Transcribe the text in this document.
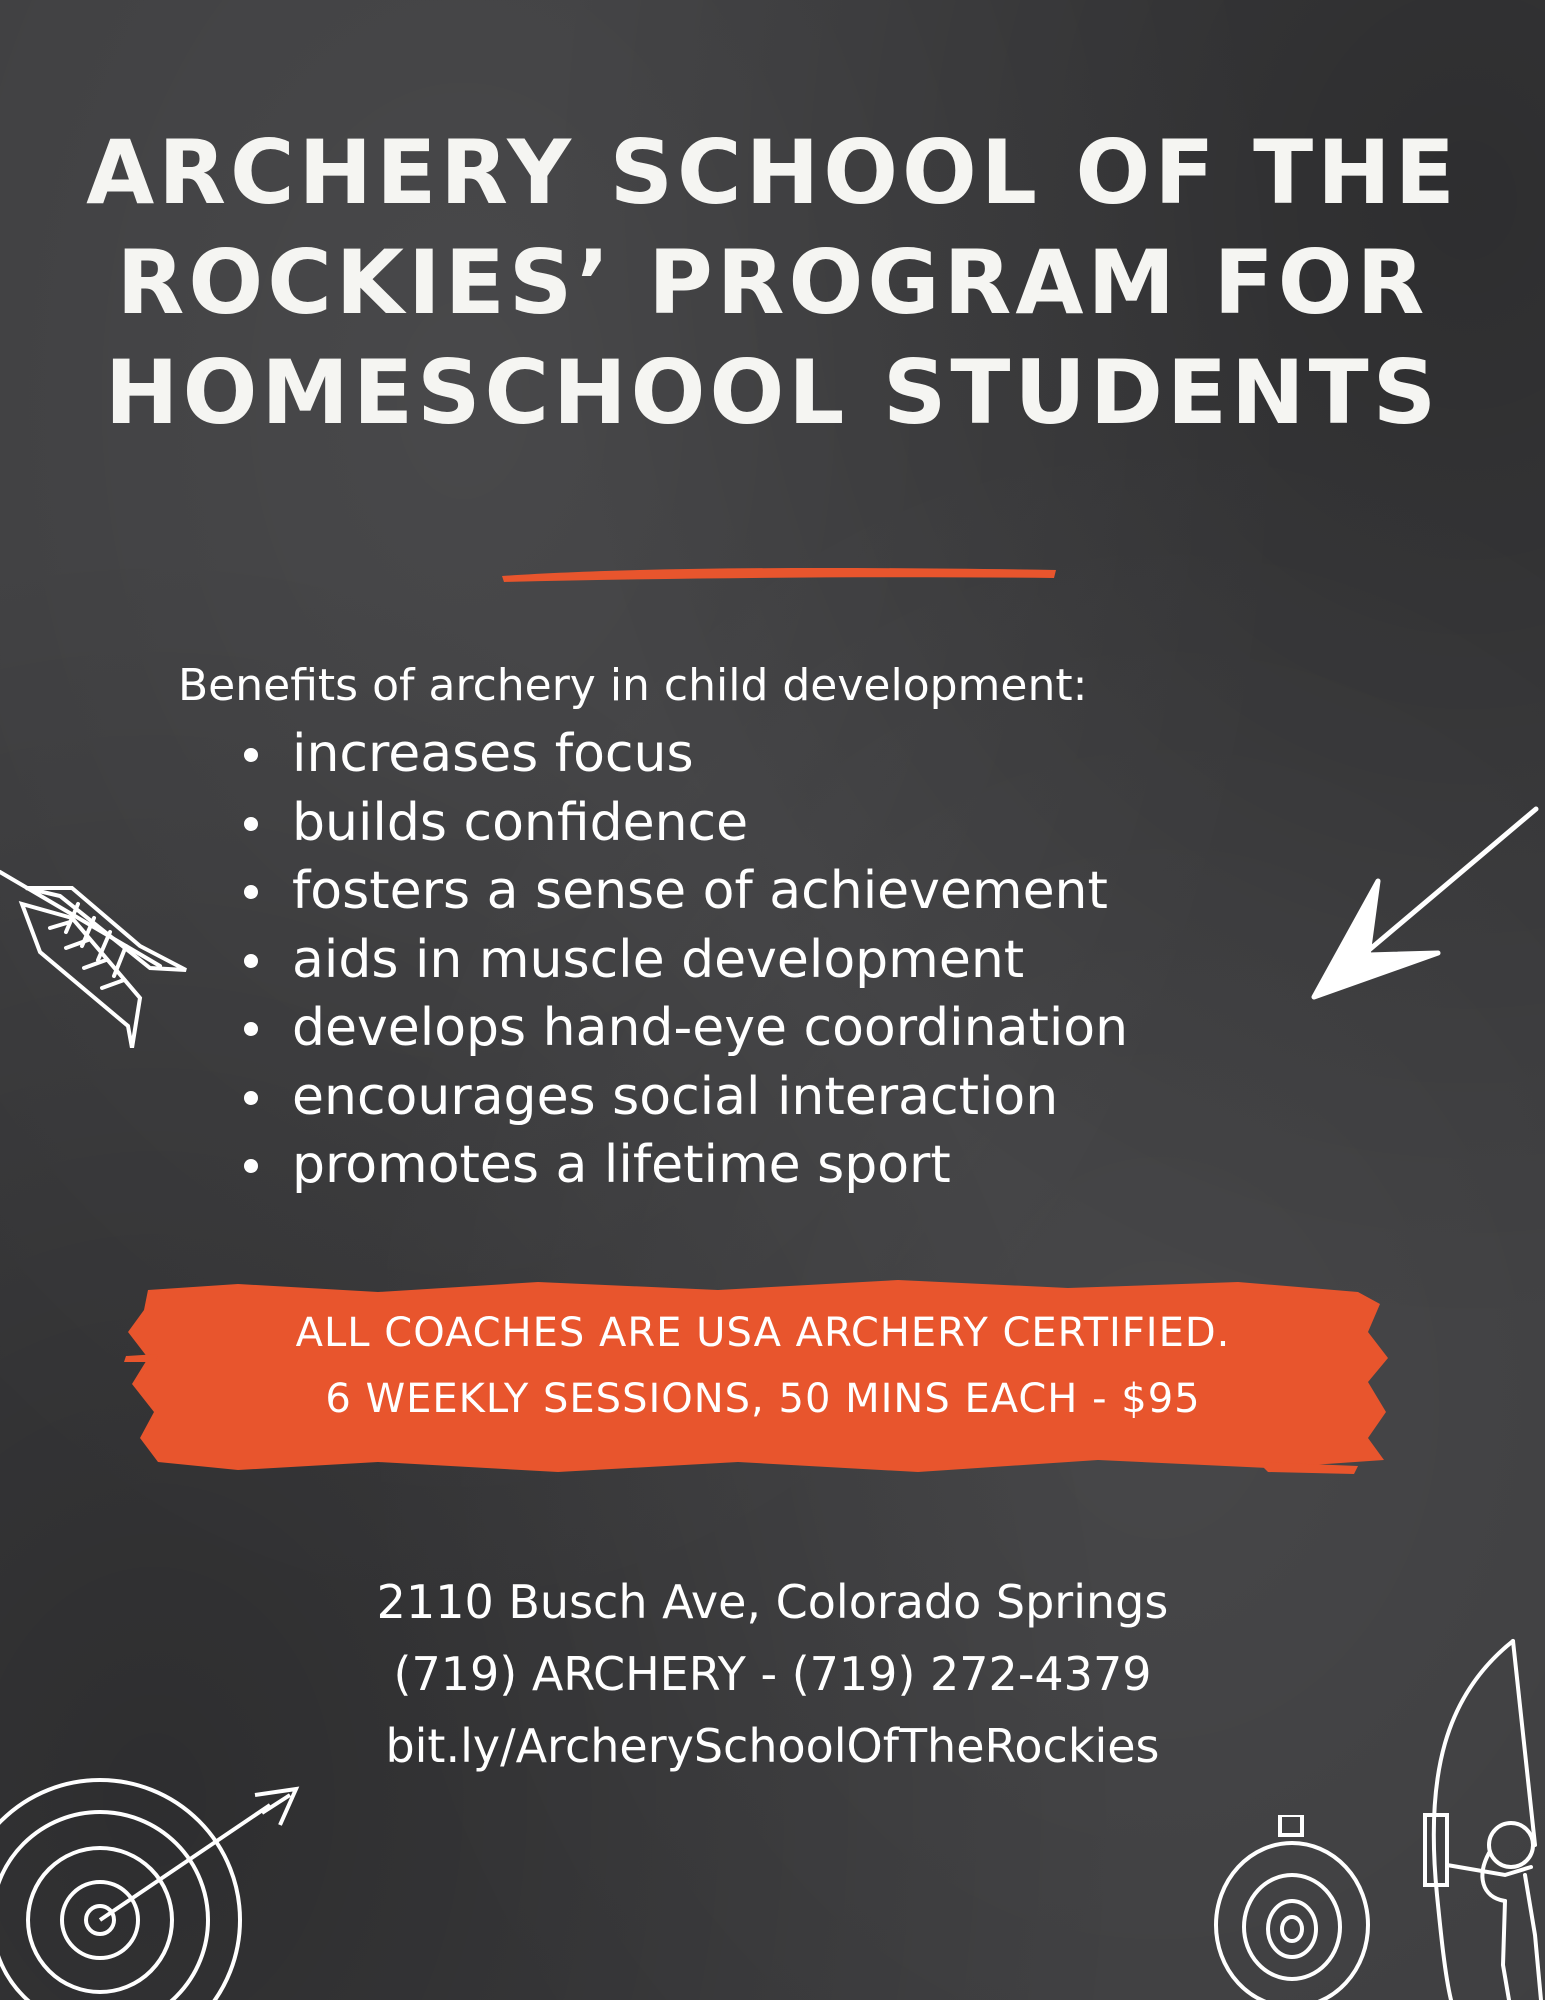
ARCHERY SCHOOL OF THE
ROCKIES’ PROGRAM FOR
HOMESCHOOL STUDENTS

Benefits of archery in child development:

increases focus
builds confidence
fosters a sense of achievement
aids in muscle development
develops hand-eye coordination
encourages social interaction
promotes a lifetime sport
ALL COACHES ARE USA ARCHERY CERTIFIED.
6 WEEKLY SESSIONS, 50 MINS EACH - $95
2110 Busch Ave, Colorado Springs
(719) ARCHERY - (719) 272-4379
bit.ly/ArcherySchoolOfTheRockies
